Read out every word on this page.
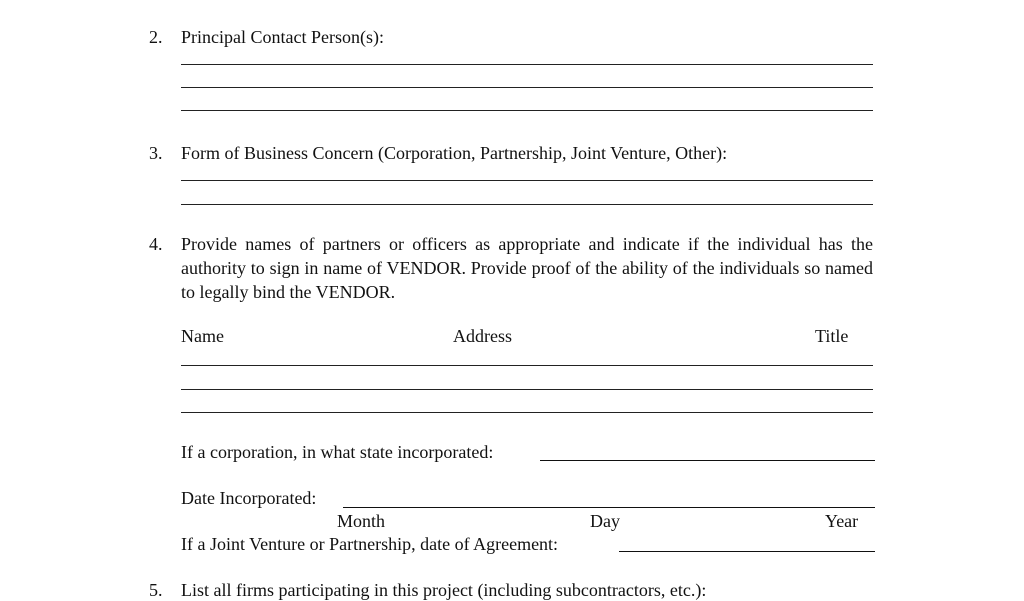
2. Principal Contact Person(s):
3. Form of Business Concern (Corporation, Partnership, Joint Venture, Other):
4. Provide names of partners or officers as appropriate and indicate if the individual has the authority to sign in name of VENDOR. Provide proof of the ability of the individuals so named to legally bind the VENDOR.
Name	Address	Title
If a corporation, in what state incorporated:
Date Incorporated:
Month	Day	Year
If a Joint Venture or Partnership, date of Agreement:
5. List all firms participating in this project (including subcontractors, etc.):
